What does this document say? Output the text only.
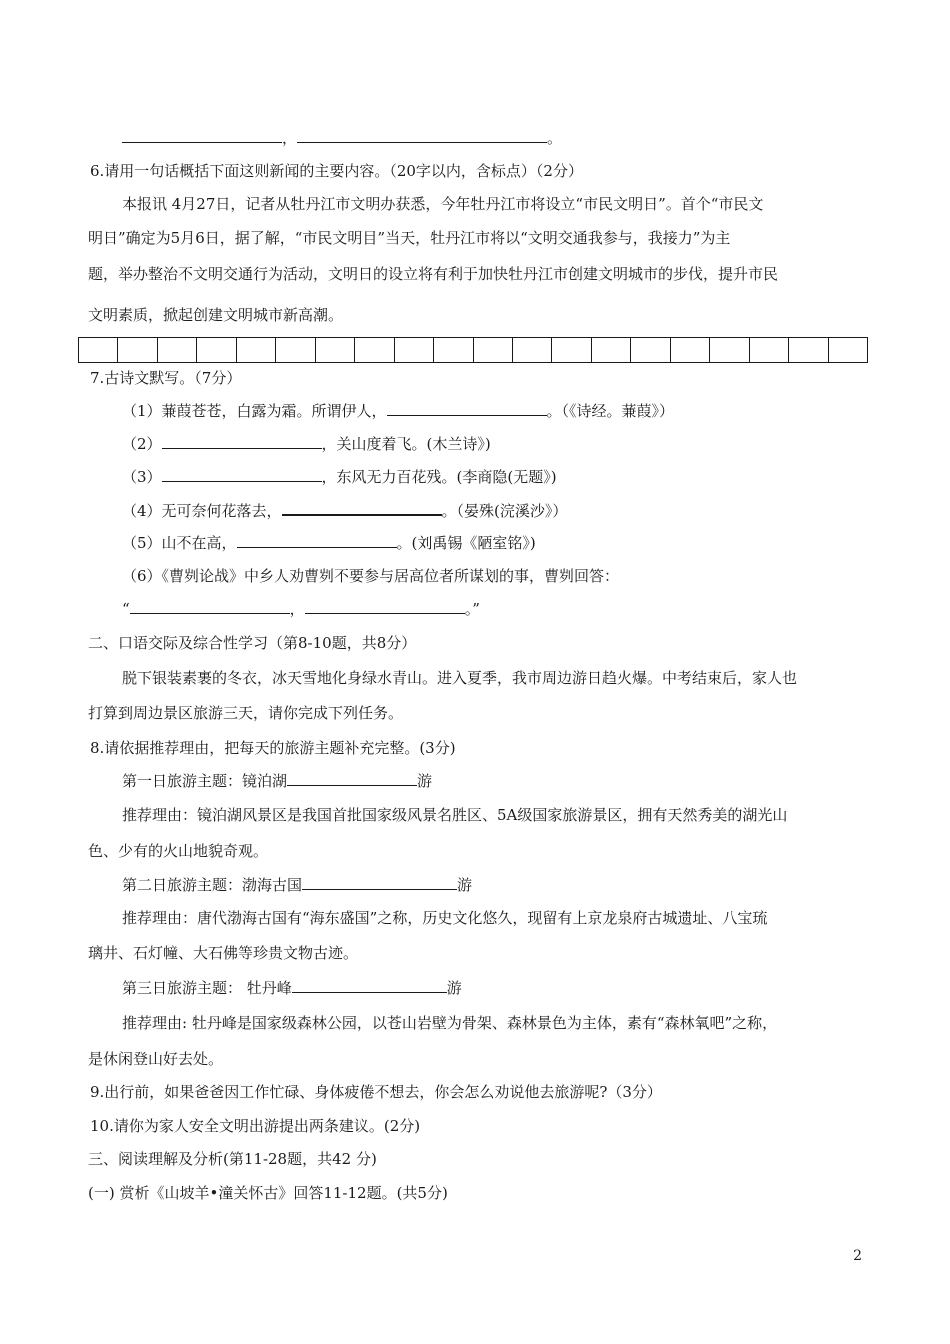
，	。
6.请用一句话概括下面这则新闻的主要内容。（20字以内，含标点）（2分）
本报讯 4月27日，记者从牡丹江市文明办获悉，今年牡丹江市将设立“市民文明日”。首个“市民文
明日”确定为5月6日，据了解，“市民文明目”当天，牡丹江市将以“文明交通我参与，我接力”为主
题，举办整治不文明交通行为活动，文明日的设立将有利于加快牡丹江市创建文明城市的步伐，提升市民
文明素质，掀起创建文明城市新高潮。
7.古诗文默写。（7分）
（1）蒹葭苍苍，白露为霜。所谓伊人，	。（《诗经。蒹葭》）
（2）	，关山度着飞。(木兰诗》)
（3）	，东风无力百花残。(李商隐(无题》)
（4）无可奈何花落去，	。（晏殊(浣溪沙》）
（5）山不在高，	。(刘禹锡《陋室铭》)
（6）《曹刿论战》中乡人劝曹刿不要参与居高位者所谋划的事，曹刿回答：
“	，	。”
二、口语交际及综合性学习（第8-10题，共8分）
脱下银装素裹的冬衣，冰天雪地化身绿水青山。进入夏季，我市周边游日趋火爆。中考结束后，家人也
打算到周边景区旅游三天，请你完成下列任务。
8.请依据推荐理由，把每天的旅游主题补充完整。(3分)
第一日旅游主题：镜泊湖	游
推荐理由：镜泊湖风景区是我国首批国家级风景名胜区、5A级国家旅游景区，拥有天然秀美的湖光山
色、少有的火山地貌奇观。
第二日旅游主题：渤海古国	游
推荐理由：唐代渤海古国有“海东盛国”之称，历史文化悠久，现留有上京龙泉府古城遗址、八宝琉
璃井、石灯幢、大石佛等珍贵文物古迹。
第三日旅游主题： 牡丹峰	游
推荐理由: 牡丹峰是国家级森林公园，以苍山岩壁为骨架、森林景色为主体，素有“森林氧吧”之称，
是休闲登山好去处。
9.出行前，如果爸爸因工作忙碌、身体疲倦不想去，你会怎么劝说他去旅游呢?（3分）
10.请你为家人安全文明出游提出两条建议。(2分)
三、阅读理解及分析(第11-28题，共42 分)
(一) 赏析《山坡羊•潼关怀古》回答11-12题。(共5分)
2
